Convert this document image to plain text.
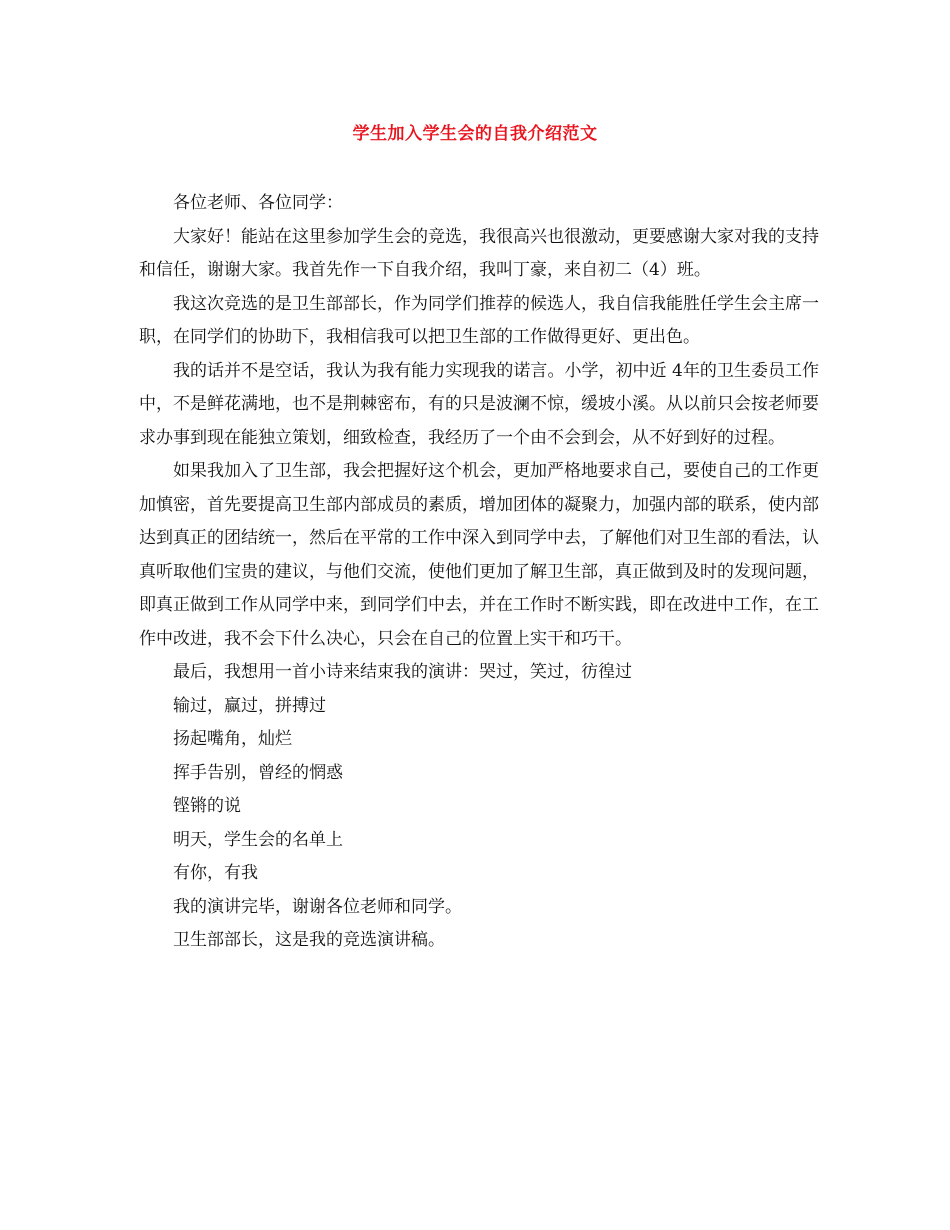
学生加入学生会的自我介绍范文

各位老师、各位同学：

大家好！能站在这里参加学生会的竞选，我很高兴也很激动，更要感谢大家对我的支持和信任，谢谢大家。我首先作一下自我介绍，我叫丁豪，来自初二（4）班。

我这次竞选的是卫生部部长，作为同学们推荐的候选人，我自信我能胜任学生会主席一职，在同学们的协助下，我相信我可以把卫生部的工作做得更好、更出色。

我的话并不是空话，我认为我有能力实现我的诺言。小学，初中近 4年的卫生委员工作中，不是鲜花满地，也不是荆棘密布，有的只是波澜不惊，缓坡小溪。从以前只会按老师要求办事到现在能独立策划，细致检查，我经历了一个由不会到会，从不好到好的过程。

如果我加入了卫生部，我会把握好这个机会，更加严格地要求自己，要使自己的工作更加慎密，首先要提高卫生部内部成员的素质，增加团体的凝聚力，加强内部的联系，使内部达到真正的团结统一，然后在平常的工作中深入到同学中去，了解他们对卫生部的看法，认真听取他们宝贵的建议，与他们交流，使他们更加了解卫生部，真正做到及时的发现问题，即真正做到工作从同学中来，到同学们中去，并在工作时不断实践，即在改进中工作，在工作中改进，我不会下什么决心，只会在自己的位置上实干和巧干。

最后，我想用一首小诗来结束我的演讲：哭过，笑过，彷徨过

输过，赢过，拼搏过

扬起嘴角，灿烂

挥手告别，曾经的惘惑

铿锵的说

明天，学生会的名单上

有你，有我

我的演讲完毕，谢谢各位老师和同学。

卫生部部长，这是我的竞选演讲稿。
